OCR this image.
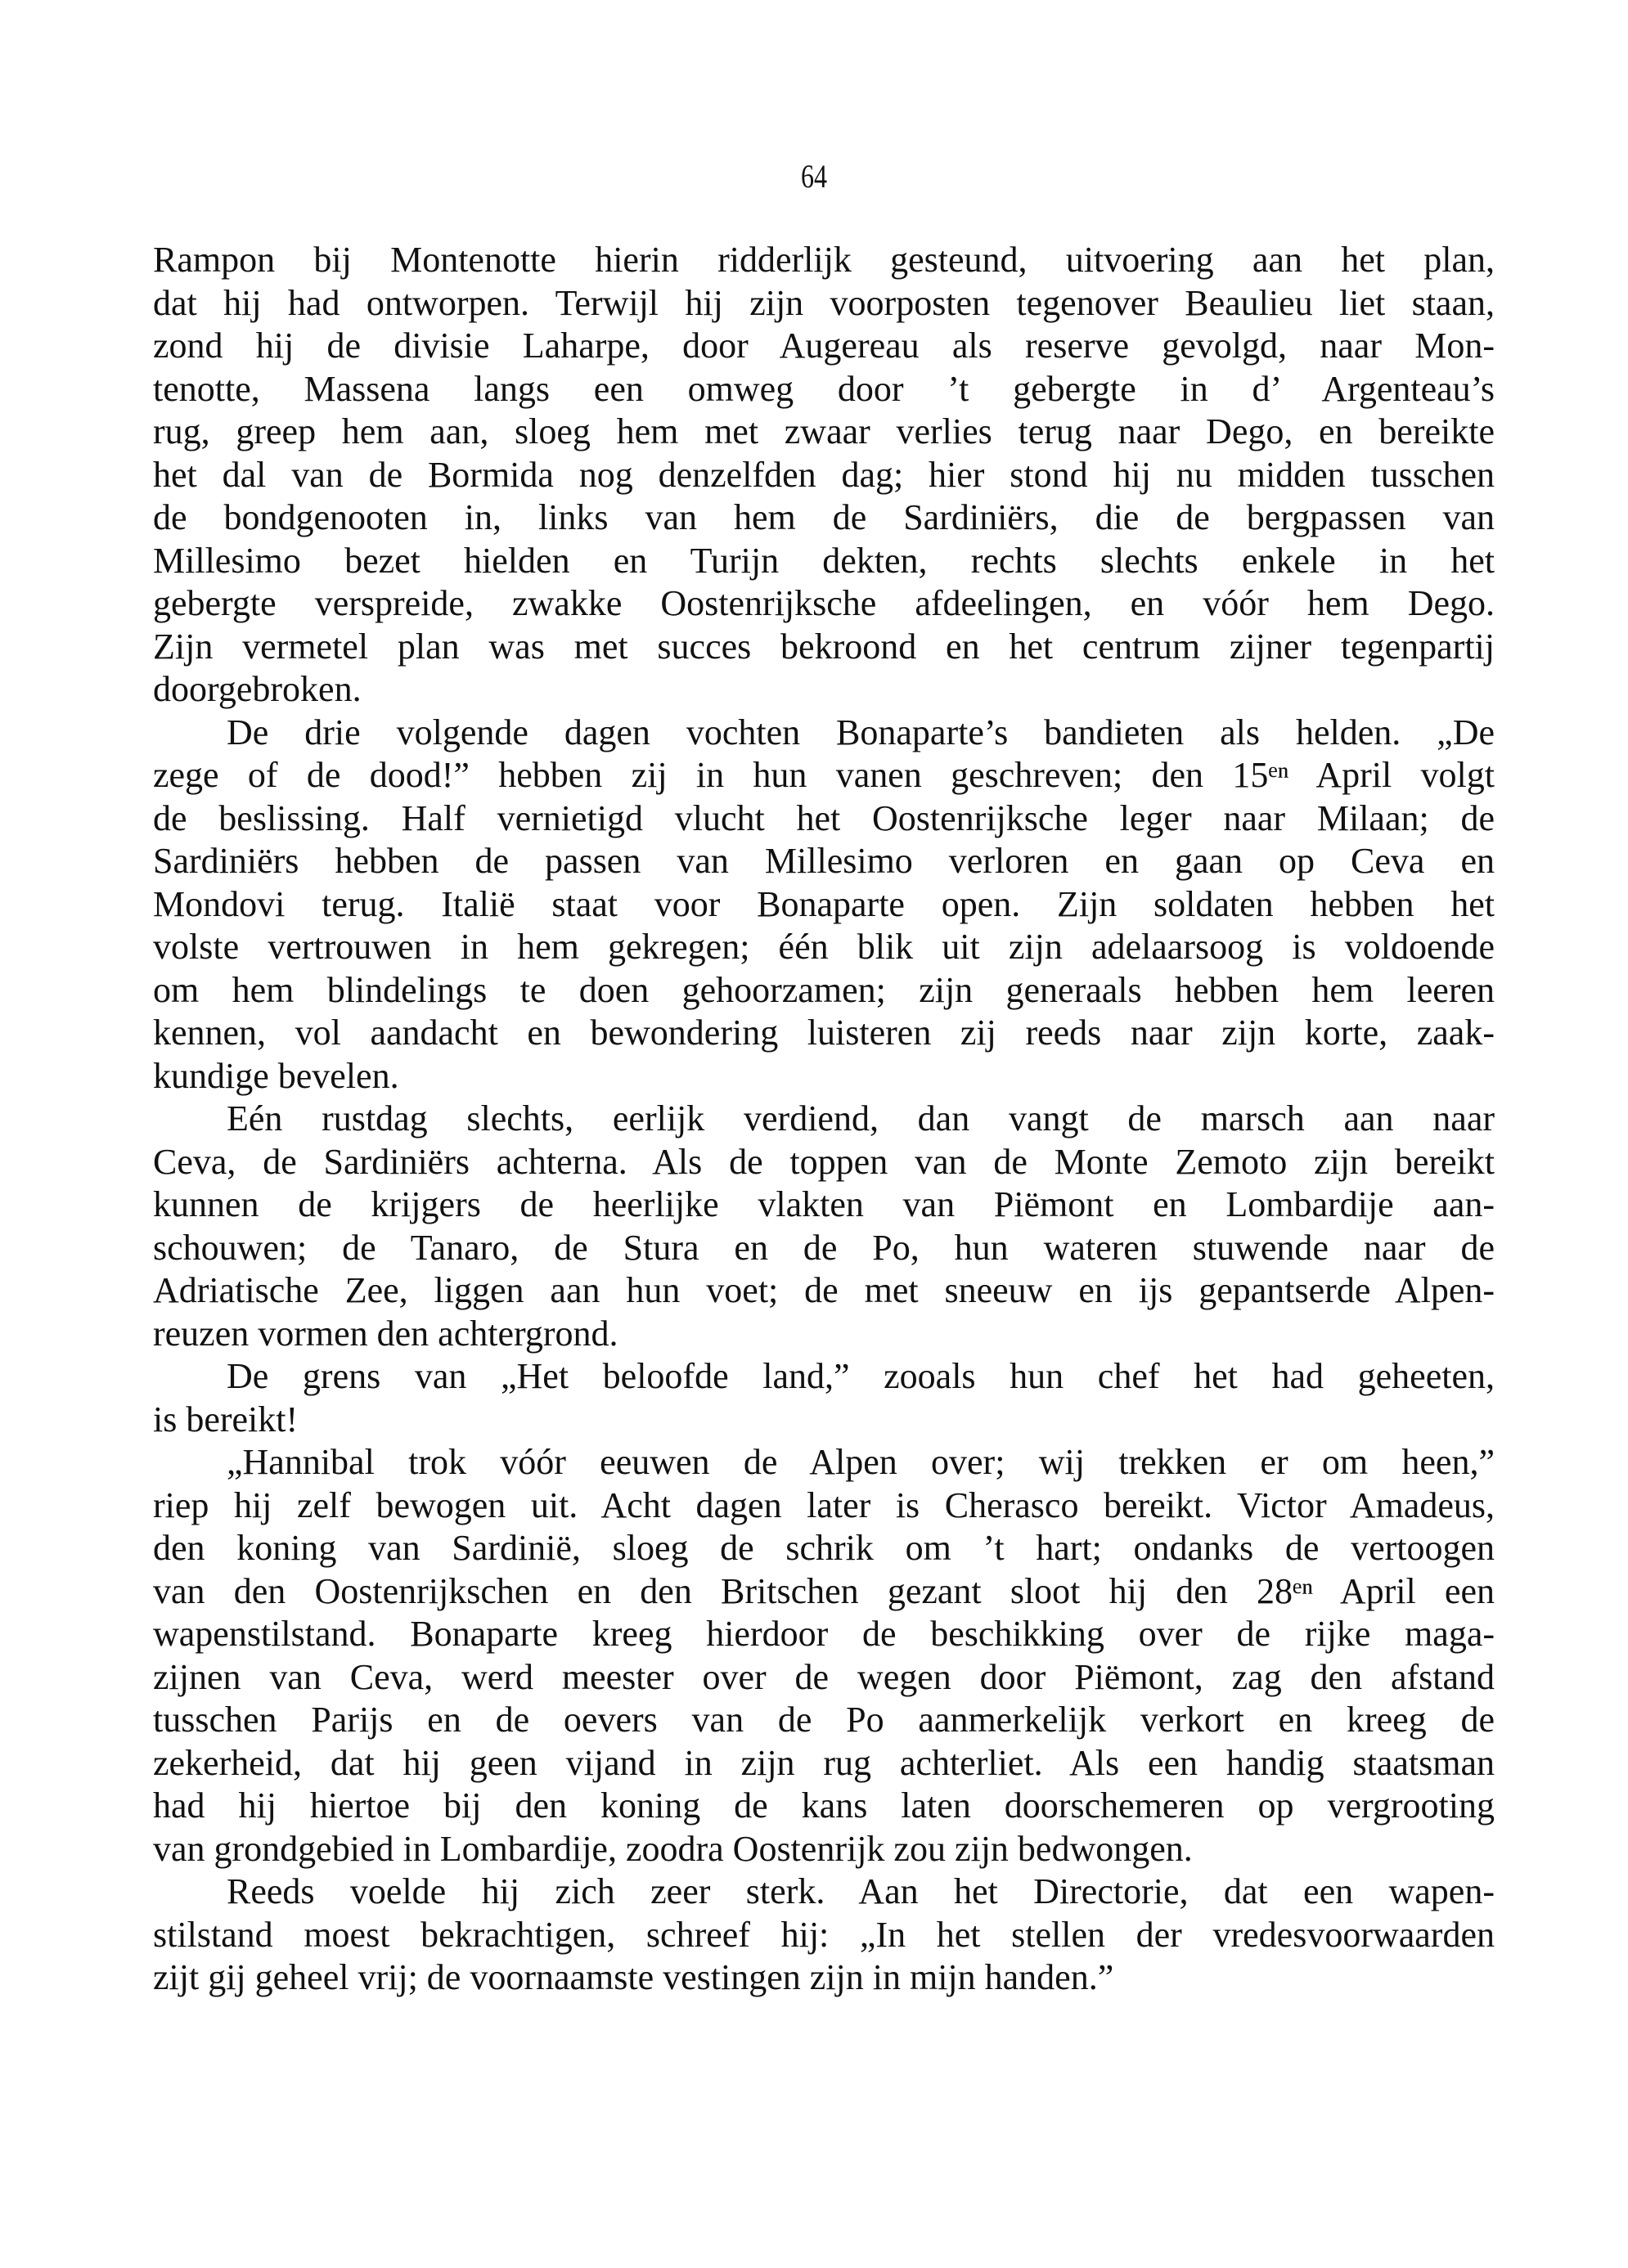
64
Rampon bij Montenotte hierin ridderlijk gesteund, uitvoering aan het plan,
dat hij had ontworpen. Terwijl hij zijn voorposten tegenover Beaulieu liet staan,
zond hij de divisie Laharpe, door Augereau als reserve gevolgd, naar Mon-
tenotte, Massena langs een omweg door ’t gebergte in d’ Argenteau’s
rug, greep hem aan, sloeg hem met zwaar verlies terug naar Dego, en bereikte
het dal van de Bormida nog denzelfden dag; hier stond hij nu midden tusschen
de bondgenooten in, links van hem de Sardiniërs, die de bergpassen van
Millesimo bezet hielden en Turijn dekten, rechts slechts enkele in het
gebergte verspreide, zwakke Oostenrijksche afdeelingen, en vóór hem Dego.
Zijn vermetel plan was met succes bekroond en het centrum zijner tegenpartij
doorgebroken.
De drie volgende dagen vochten Bonaparte’s bandieten als helden. „De
zege of de dood!” hebben zij in hun vanen geschreven; den 15ᵉⁿ April volgt
de beslissing. Half vernietigd vlucht het Oostenrijksche leger naar Milaan; de
Sardiniërs hebben de passen van Millesimo verloren en gaan op Ceva en
Mondovi terug. Italië staat voor Bonaparte open. Zijn soldaten hebben het
volste vertrouwen in hem gekregen; één blik uit zijn adelaarsoog is voldoende
om hem blindelings te doen gehoorzamen; zijn generaals hebben hem leeren
kennen, vol aandacht en bewondering luisteren zij reeds naar zijn korte, zaak-
kundige bevelen.
Eén rustdag slechts, eerlijk verdiend, dan vangt de marsch aan naar
Ceva, de Sardiniërs achterna. Als de toppen van de Monte Zemoto zijn bereikt
kunnen de krijgers de heerlijke vlakten van Piëmont en Lombardije aan-
schouwen; de Tanaro, de Stura en de Po, hun wateren stuwende naar de
Adriatische Zee, liggen aan hun voet; de met sneeuw en ijs gepantserde Alpen-
reuzen vormen den achtergrond.
De grens van „Het beloofde land,” zooals hun chef het had geheeten,
is bereikt!
„Hannibal trok vóór eeuwen de Alpen over; wij trekken er om heen,”
riep hij zelf bewogen uit. Acht dagen later is Cherasco bereikt. Victor Amadeus,
den koning van Sardinië, sloeg de schrik om ’t hart; ondanks de vertoogen
van den Oostenrijkschen en den Britschen gezant sloot hij den 28ᵉⁿ April een
wapenstilstand. Bonaparte kreeg hierdoor de beschikking over de rijke maga-
zijnen van Ceva, werd meester over de wegen door Piëmont, zag den afstand
tusschen Parijs en de oevers van de Po aanmerkelijk verkort en kreeg de
zekerheid, dat hij geen vijand in zijn rug achterliet. Als een handig staatsman
had hij hiertoe bij den koning de kans laten doorschemeren op vergrooting
van grondgebied in Lombardije, zoodra Oostenrijk zou zijn bedwongen.
Reeds voelde hij zich zeer sterk. Aan het Directorie, dat een wapen-
stilstand moest bekrachtigen, schreef hij: „In het stellen der vredesvoorwaarden
zijt gij geheel vrij; de voornaamste vestingen zijn in mijn handen.”
